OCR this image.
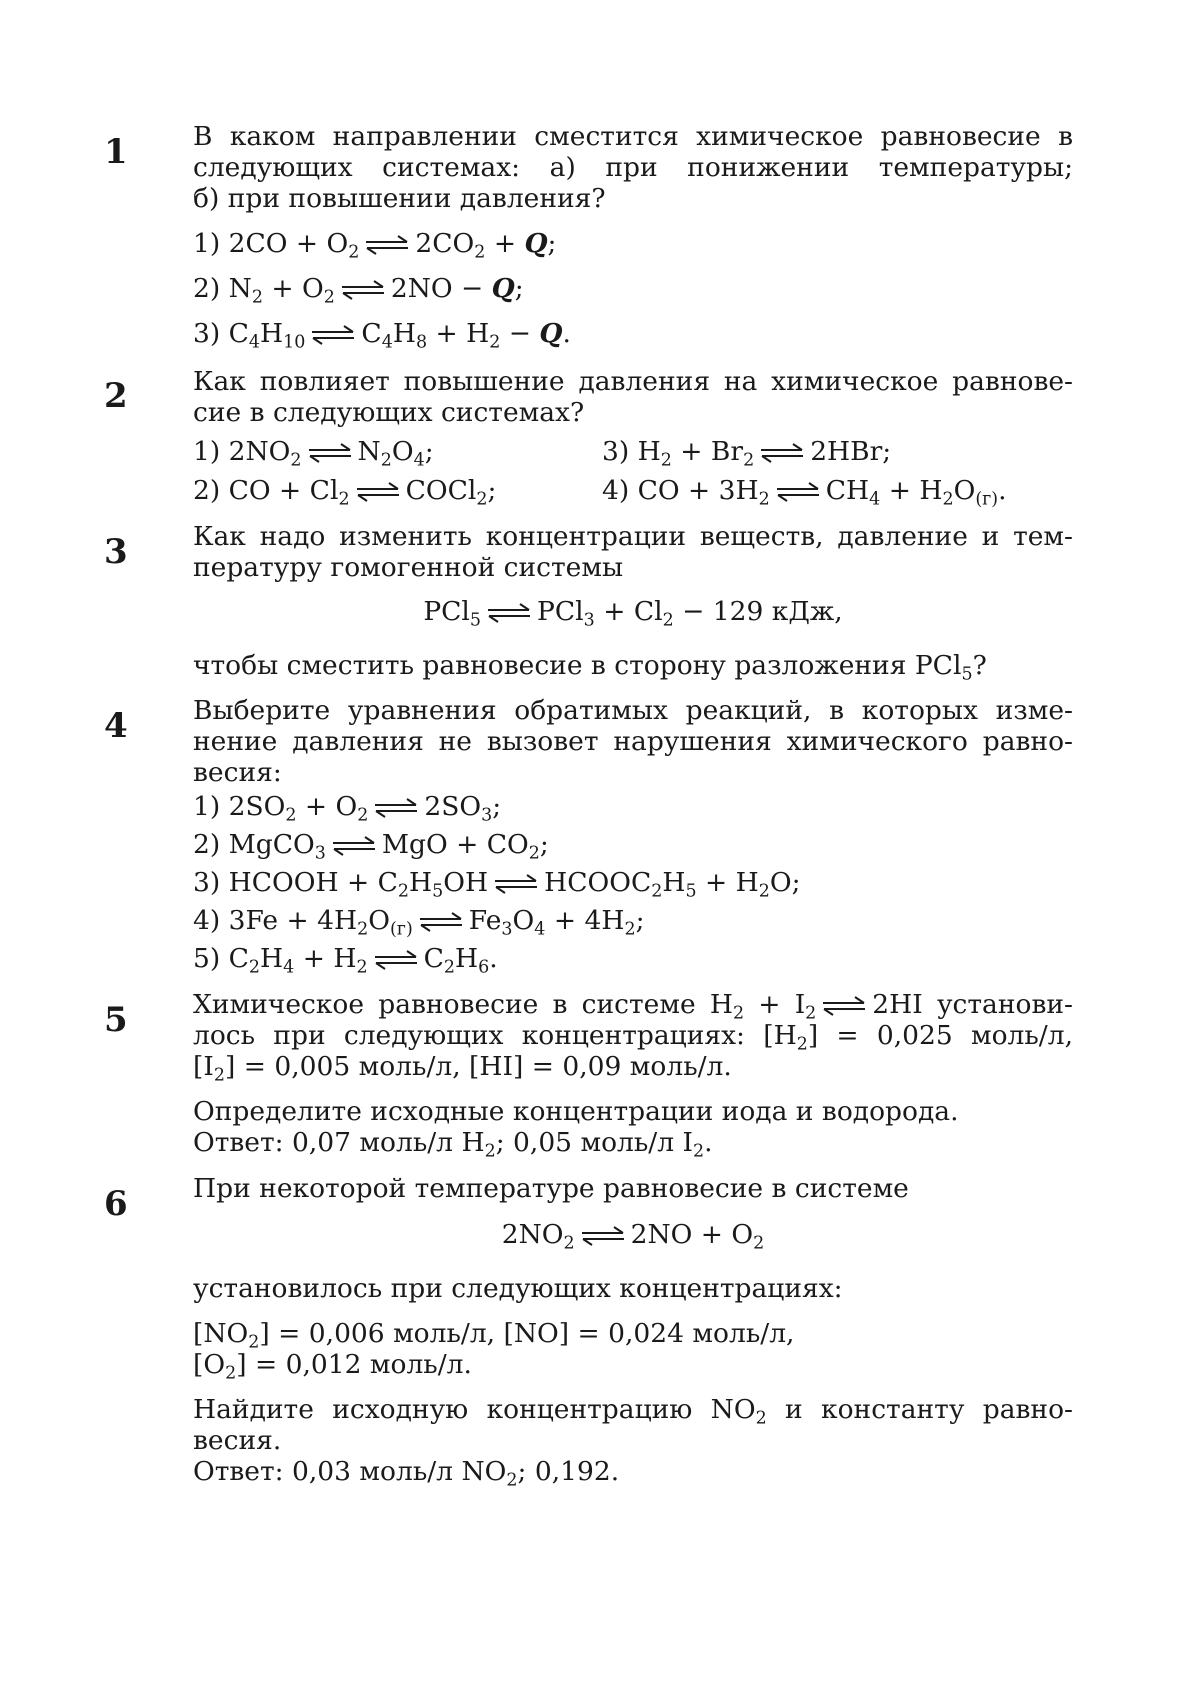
1	В каком направлении сместится химическое равновесие в
следующих системах: а) при понижении температуры;
б) при повышении давления?
1) $2CO + O_2$ ⇌ $2CO_2 + Q$;
2) $N_2 + O_2$ ⇌ 2NO − Q;
3) $C_4H_{10}$ ⇌ $C_4H_8 + H_2 - Q$.
2	Как повлияет повышение давления на химическое равнове-
сие в следующих системах?
1) $2NO_2$ ⇌ $N_2O_4$;	3) $H_2 + Br_2$ ⇌ 2HBr;
2) CO + $Cl_2$ ⇌ COCl$_2$;	4) CO + $3H_2$ ⇌ $CH_4 + H_2O_{(г)}$.
3	Как надо изменить концентрации веществ, давление и тем-
пературу гомогенной системы
PCl$_5$ ⇌ $PCl_3 + Cl_2 - 129$ кДж,
чтобы сместить равновесие в сторону разложения PCl$_5$?
4	Выберите уравнения обратимых реакций, в которых изме-
нение давления не вызовет нарушения химического равно-
весия:
1) $2SO_2 + O_2$ ⇌ $2SO_3$;
2) MgCO$_3$ ⇌ MgO + $CO_2$;
3) HCOOH + $C_2H_5OH$ ⇌ $HCOOC_2H_5 + H_2O$;
4) $3Fe + 4H_2O_{(г)}$ ⇌ $Fe_3O_4 + 4H_2$;
5) $C_2H_4 + H_2$ ⇌ $C_2H_6$.
5	Химическое равновесие в системе $H_2 + I_2$ ⇌ 2HI установи-
лось при следующих концентрациях: $[H_2] = 0,025$ моль/л,
$[I_2] = 0,005$ моль/л, [HI] = 0,09 моль/л.
Определите исходные концентрации иода и водорода.
Ответ: 0,07 моль/л $H_2$; 0,05 моль/л $I_2$.
6	При некоторой температуре равновесие в системе
$2NO_2$ ⇌ $2NO + O_2$
установилось при следующих концентрациях:
$[NO_2] = 0,006$ моль/л, [NO] = 0,024 моль/л,
$[O_2] = 0,012$ моль/л.
Найдите исходную концентрацию $NO_2$ и константу равно-
весия.
Ответ: 0,03 моль/л $NO_2$; 0,192.
